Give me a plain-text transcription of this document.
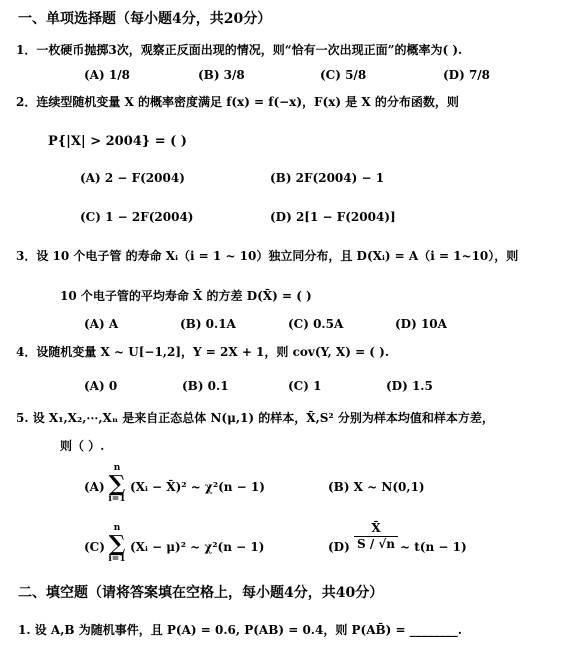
一、单项选择题（每小题4分，共20分）
1．一枚硬币抛掷3次，观察正反面出现的情况，则“恰有一次出现正面”的概率为( ).
(A) 1/8	(B) 3/8	(C) 5/8	(D) 7/8
2．连续型随机变量 X 的概率密度满足 f(x) = f(−x)，F(x) 是 X 的分布函数，则
P{|X| > 2004} = ( )
(A) 2 − F(2004)	(B) 2F(2004) − 1
(C) 1 − 2F(2004)	(D) 2[1 − F(2004)]
3．设 10 个电子管 的寿命 Xᵢ（i = 1 ~ 10）独立同分布，且 D(Xᵢ) = A（i = 1~10），则
10 个电子管的平均寿命 X̄ 的方差 D(X̄) = ( )
(A) A	(B) 0.1A	(C) 0.5A	(D) 10A
4．设随机变量 X ~ U[−1,2]，Y = 2X + 1，则 cov(Y, X) = ( ).
(A) 0	(B) 0.1	(C) 1	(D) 1.5
5. 设 X₁,X₂,⋯,Xₙ 是来自正态总体 N(μ,1) 的样本，X̄,S² 分别为样本均值和样本方差，
则（ ）.
(A)
n
∑
i=1
(Xᵢ − X̄)² ~ χ²(n − 1)	(B) X ~ N(0,1)
(C)
n
∑
i=1
(Xᵢ − μ)² ~ χ²(n − 1)	(D)
X̄
S / √n ~ t(n − 1)
二、填空题（请将答案填在空格上，每小题4分，共40分）
1. 设 A,B 为随机事件，且 P(A) = 0.6, P(AB) = 0.4，则 P(AB̄) = ________.
